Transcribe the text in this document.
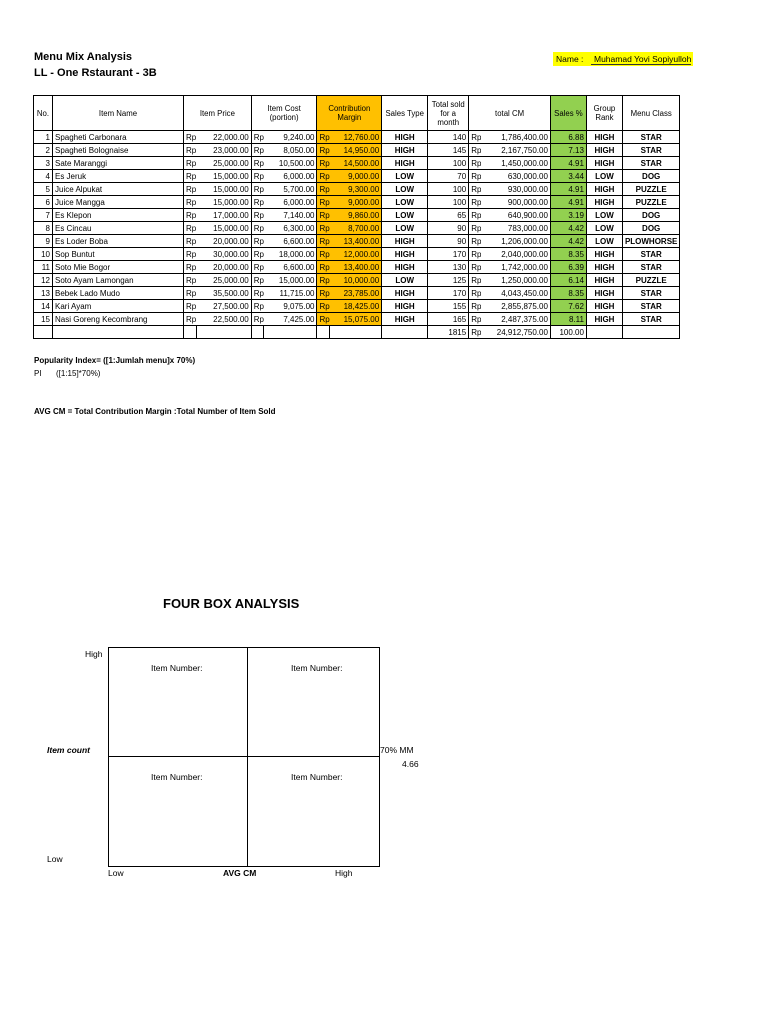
Menu Mix Analysis
LL - One Rstaurant - 3B
Name :	Muhamad Yovi Sopiyulloh
No.	Item Name	Item Price		Item Cost (portion)		Contribution Margin		Sales Type	Total sold for a month	total CM		Sales %	Group Rank	Menu Class
1	Spagheti Carbonara	Rp	22,000.00	Rp	9,240.00	Rp	12,760.00	HIGH	140	Rp	1,786,400.00	6.88	HIGH	STAR
2	Spagheti Bolognaise	Rp	23,000.00	Rp	8,050.00	Rp	14,950.00	HIGH	145	Rp	2,167,750.00	7.13	HIGH	STAR
3	Sate Maranggi	Rp	25,000.00	Rp	10,500.00	Rp	14,500.00	HIGH	100	Rp	1,450,000.00	4.91	HIGH	STAR
4	Es Jeruk	Rp	15,000.00	Rp	6,000.00	Rp	9,000.00	LOW	70	Rp	630,000.00	3.44	LOW	DOG
5	Juice Alpukat	Rp	15,000.00	Rp	5,700.00	Rp	9,300.00	LOW	100	Rp	930,000.00	4.91	HIGH	PUZZLE
6	Juice Mangga	Rp	15,000.00	Rp	6,000.00	Rp	9,000.00	LOW	100	Rp	900,000.00	4.91	HIGH	PUZZLE
7	Es Klepon	Rp	17,000.00	Rp	7,140.00	Rp	9,860.00	LOW	65	Rp	640,900.00	3.19	LOW	DOG
8	Es Cincau	Rp	15,000.00	Rp	6,300.00	Rp	8,700.00	LOW	90	Rp	783,000.00	4.42	LOW	DOG
9	Es Loder Boba	Rp	20,000.00	Rp	6,600.00	Rp	13,400.00	HIGH	90	Rp	1,206,000.00	4.42	LOW	PLOWHORSE
10	Sop Buntut	Rp	30,000.00	Rp	18,000.00	Rp	12,000.00	HIGH	170	Rp	2,040,000.00	8.35	HIGH	STAR
11	Soto Mie Bogor	Rp	20,000.00	Rp	6,600.00	Rp	13,400.00	HIGH	130	Rp	1,742,000.00	6.39	HIGH	STAR
12	Soto Ayam Lamongan	Rp	25,000.00	Rp	15,000.00	Rp	10,000.00	LOW	125	Rp	1,250,000.00	6.14	HIGH	PUZZLE
13	Bebek Lado Mudo	Rp	35,500.00	Rp	11,715.00	Rp	23,785.00	HIGH	170	Rp	4,043,450.00	8.35	HIGH	STAR
14	Kari Ayam	Rp	27,500.00	Rp	9,075.00	Rp	18,425.00	HIGH	155	Rp	2,855,875.00	7.62	HIGH	STAR
15	Nasi Goreng Kecombrang	Rp	22,500.00	Rp	7,425.00	Rp	15,075.00	HIGH	165	Rp	2,487,375.00	8.11	HIGH	STAR
									1815	Rp	24,912,750.00	100.00		
Popularity Index= ([1:Jumlah menu]x 70%)
PI ([1:15]*70%)
AVG CM = Total Contribution Margin :Total Number of Item Sold
FOUR BOX ANALYSIS
High
Item count
Low
Item Number:	Item Number:
Item Number:	Item Number:
70% MM
4.66
Low	AVG CM	High
